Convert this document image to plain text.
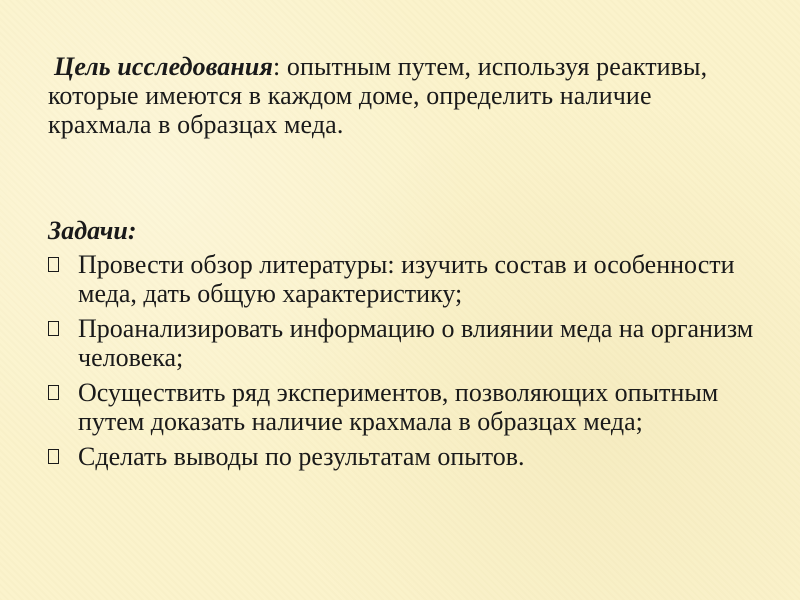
Цель исследования: опытным путем, используя реактивы, которые имеются в каждом доме, определить наличие крахмала в образцах меда.
Задачи:
Провести обзор литературы: изучить состав и особенности меда, дать общую характеристику;
Проанализировать информацию о влиянии меда на организм человека;
Осуществить ряд экспериментов, позволяющих опытным путем доказать наличие крахмала в образцах меда;
Сделать выводы по результатам опытов.
